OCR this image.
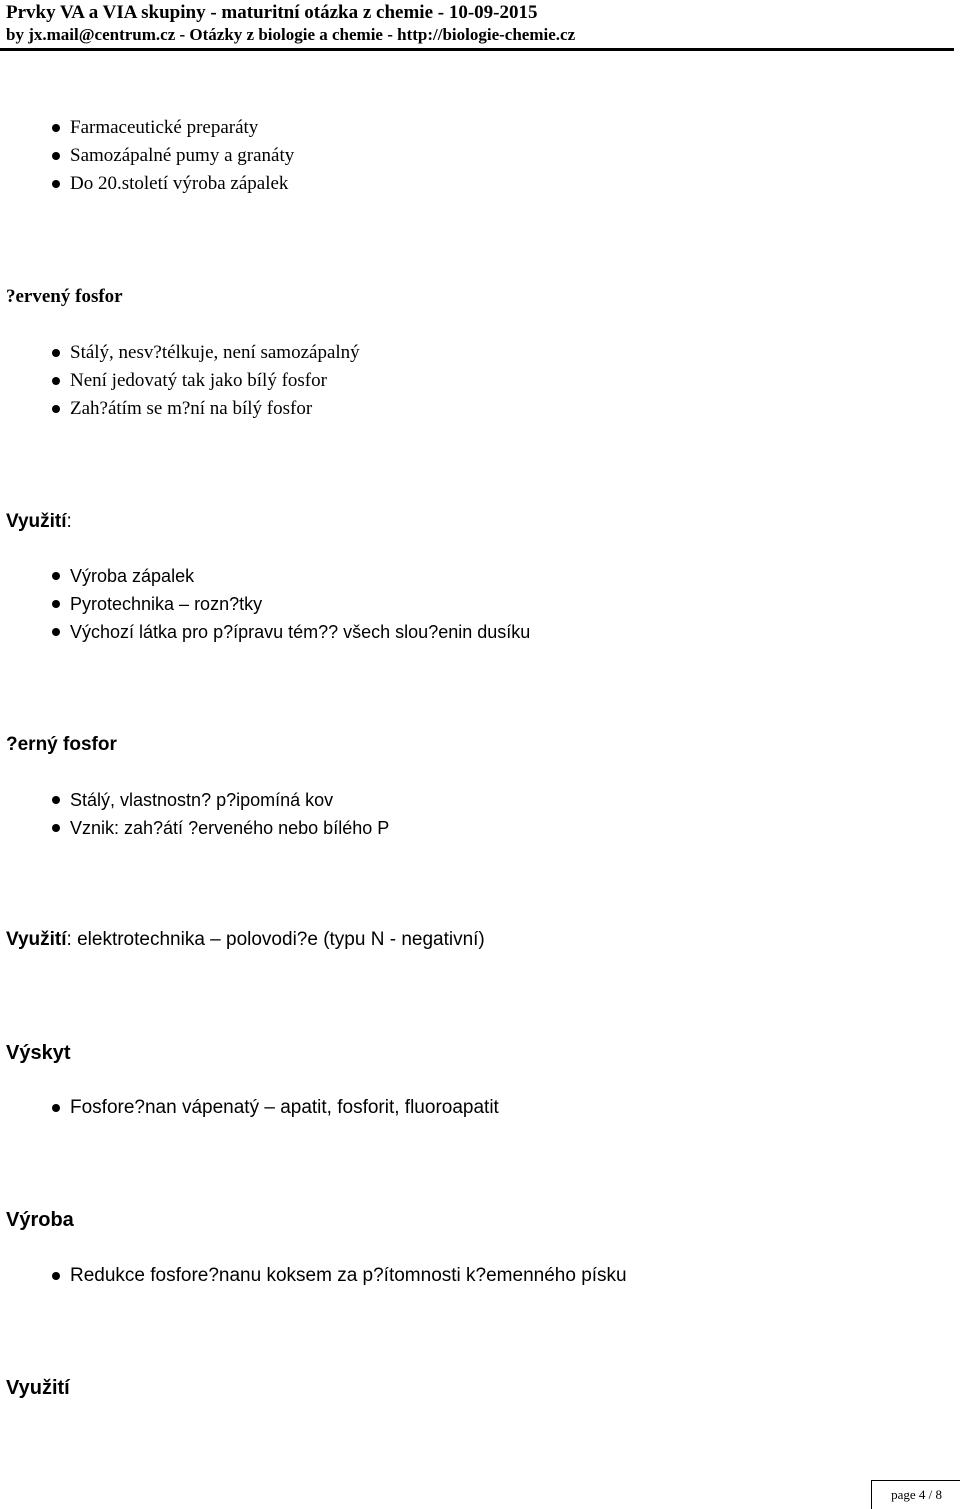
Prvky VA a VIA skupiny - maturitní otázka z chemie - 10-09-2015
by jx.mail@centrum.cz - Otázky z biologie a chemie - http://biologie-chemie.cz
Farmaceutické preparáty
Samozápalné pumy a granáty
Do 20.století výroba zápalek
?ervený fosfor
Stálý, nesv?télkuje, není samozápalný
Není jedovatý tak jako bílý fosfor
Zah?átím se m?ní na bílý fosfor
Využití:
Výroba zápalek
Pyrotechnika – rozn?tky
Výchozí látka pro p?ípravu tém?? všech slou?enin dusíku
?erný fosfor
Stálý, vlastnostn? p?ipomíná kov
Vznik: zah?átí ?erveného nebo bílého P
Využití: elektrotechnika – polovodi?e (typu N - negativní)
Výskyt
Fosfore?nan vápenatý – apatit, fosforit, fluoroapatit
Výroba
Redukce fosfore?nanu koksem za p?ítomnosti k?emenného písku
Využití
page 4 / 8
